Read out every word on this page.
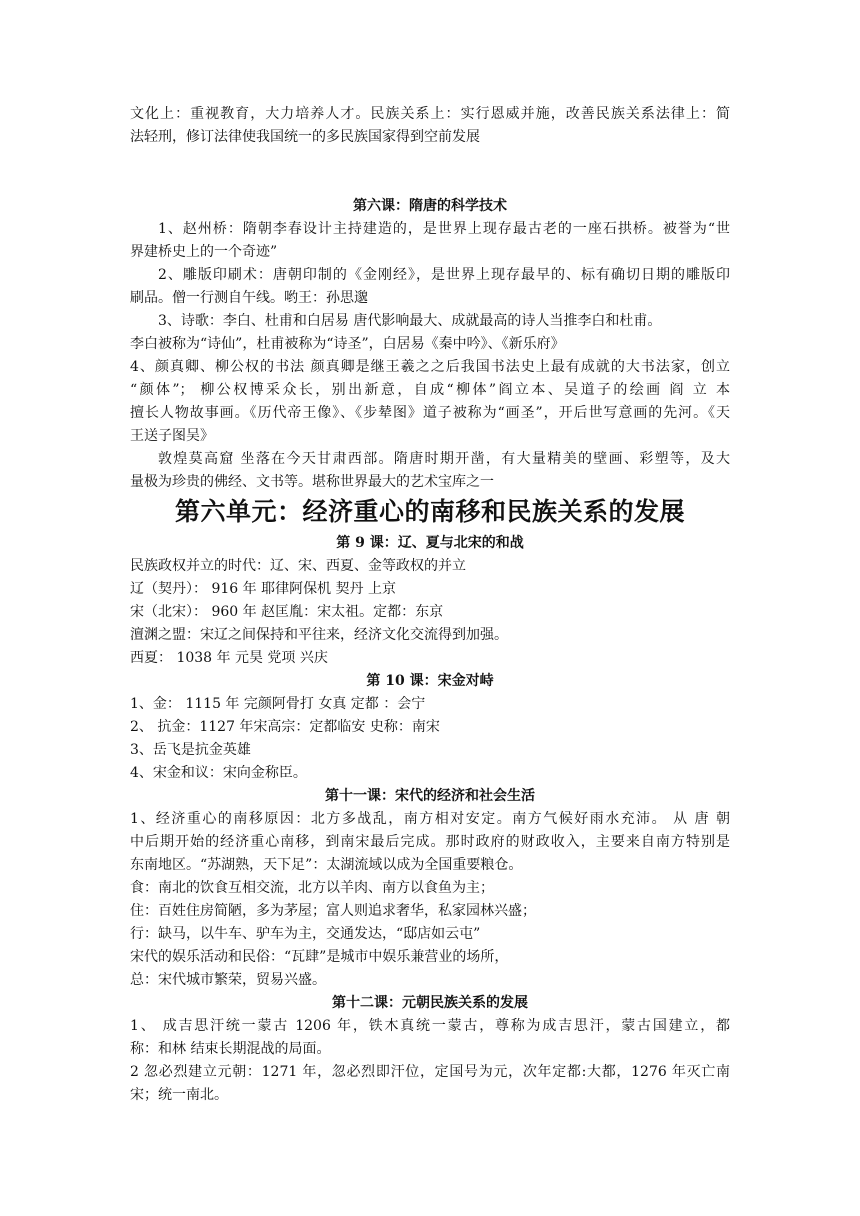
文化上：重视教育，大力培养人才。民族关系上：实行恩威并施，改善民族关系法律上：简

法轻刑，修订法律使我国统一的多民族国家得到空前发展

第六课：隋唐的科学技术

1、赵州桥：隋朝李春设计主持建造的，是世界上现存最古老的一座石拱桥。被誉为“世

界建桥史上的一个奇迹”

2、雕版印刷术：唐朝印制的《金刚经》，是世界上现存最早的、标有确切日期的雕版印

刷品。僧一行测自午线。哟王：孙思邈

3、诗歌：李白、杜甫和白居易 唐代影响最大、成就最高的诗人当推李白和杜甫。

李白被称为“诗仙”，杜甫被称为“诗圣”，白居易《秦中吟》、《新乐府》

4、颜真卿、柳公权的书法 颜真卿是继王羲之之后我国书法史上最有成就的大书法家，创立

“颜体”； 柳公权博采众长，别出新意，自成“柳体”阎立本、吴道子的绘画 阎 立 本

擅长人物故事画。《历代帝王像》、《步辇图》道子被称为“画圣”，开后世写意画的先河。《天

王送子图吴》

敦煌莫高窟 坐落在今天甘肃西部。隋唐时期开凿，有大量精美的壁画、彩塑等，及大

量极为珍贵的佛经、文书等。堪称世界最大的艺术宝库之一

第六单元：经济重心的南移和民族关系的发展
第 9 课：辽、夏与北宋的和战

民族政权并立的时代：辽、宋、西夏、金等政权的并立

辽（契丹）： 916 年 耶律阿保机 契丹 上京

宋（北宋）： 960 年 赵匡胤：宋太祖。定都：东京

澶渊之盟：宋辽之间保持和平往来，经济文化交流得到加强。

西夏： 1038 年 元昊 党项 兴庆

第 10 课：宋金对峙

1、金： 1115 年 完颜阿骨打 女真 定都 ：会宁

2、 抗金：1127 年宋高宗：定都临安 史称：南宋

3、岳飞是抗金英雄

4、宋金和议：宋向金称臣。

第十一课：宋代的经济和社会生活

1、经济重心的南移原因：北方多战乱，南方相对安定。南方气候好雨水充沛。 从 唐 朝

中后期开始的经济重心南移，到南宋最后完成。那时政府的财政收入，主要来自南方特别是

东南地区。“苏湖熟，天下足”：太湖流域以成为全国重要粮仓。

食：南北的饮食互相交流，北方以羊肉、南方以食鱼为主；

住：百姓住房简陋，多为茅屋；富人则追求奢华，私家园林兴盛；

行：缺马，以牛车、驴车为主，交通发达，“邸店如云屯”

宋代的娱乐活动和民俗：“瓦肆”是城市中娱乐兼营业的场所，

总：宋代城市繁荣，贸易兴盛。

第十二课：元朝民族关系的发展

1、 成吉思汗统一蒙古 1206 年，铁木真统一蒙古，尊称为成吉思汗，蒙古国建立，都

称：和林 结束长期混战的局面。

2 忽必烈建立元朝：1271 年，忽必烈即汗位，定国号为元，次年定都:大都，1276 年灭亡南

宋；统一南北。
